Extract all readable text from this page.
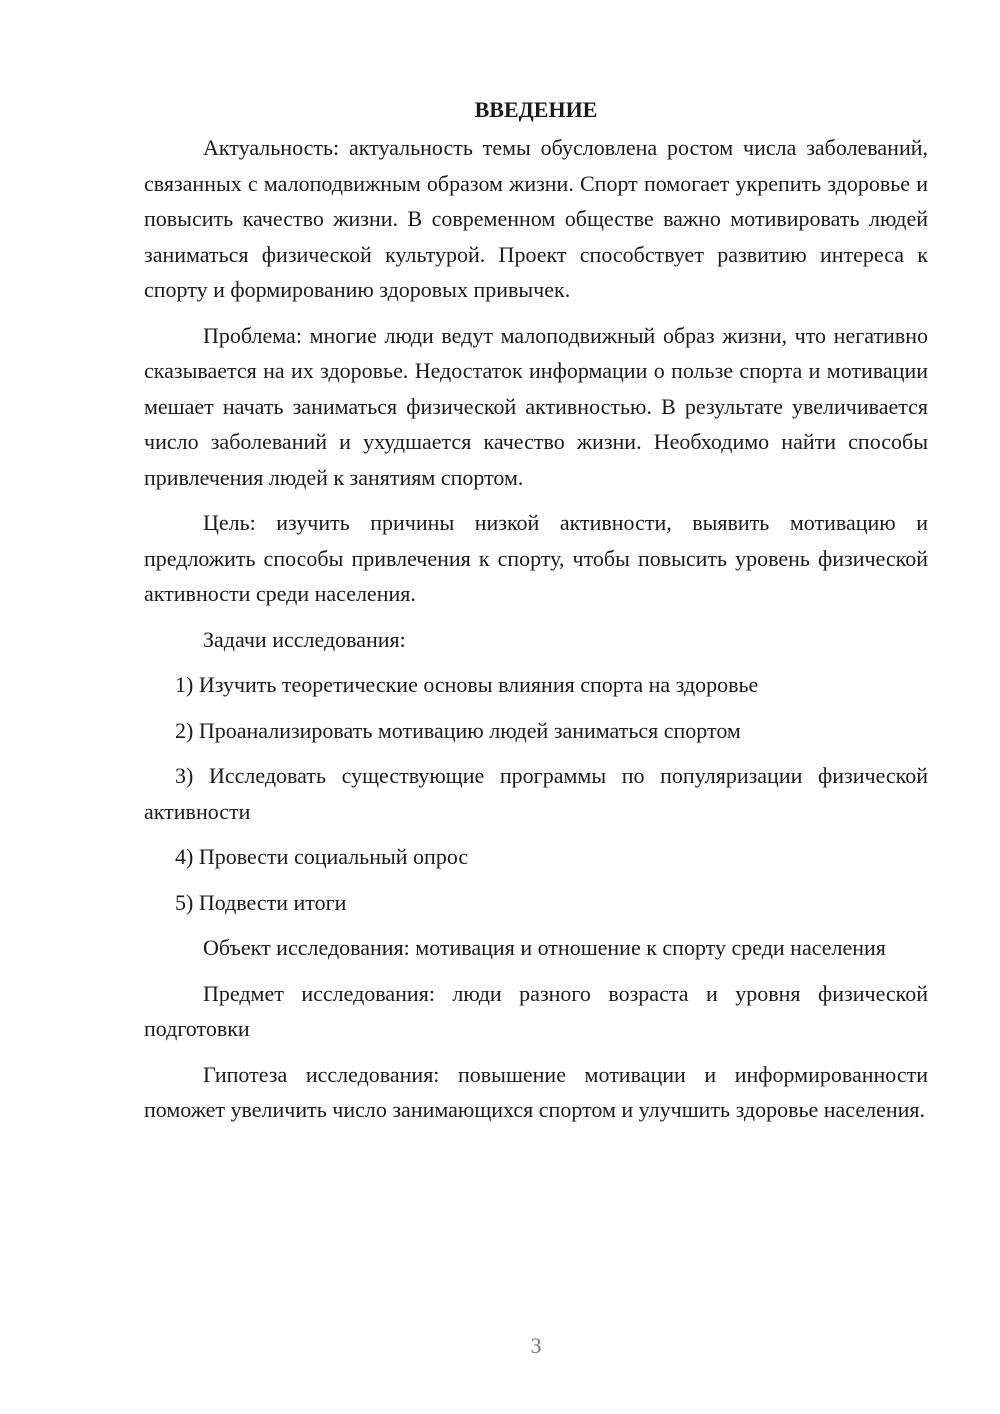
ВВЕДЕНИЕ

Актуальность: актуальность темы обусловлена ростом числа заболеваний, связанных с малоподвижным образом жизни. Спорт помогает укрепить здоровье и повысить качество жизни. В современном обществе важно мотивировать людей заниматься физической культурой. Проект способствует развитию интереса к спорту и формированию здоровых привычек.

Проблема: многие люди ведут малоподвижный образ жизни, что негативно сказывается на их здоровье. Недостаток информации о пользе спорта и мотивации мешает начать заниматься физической активностью. В результате увеличивается число заболеваний и ухудшается качество жизни. Необходимо найти способы привлечения людей к занятиям спортом.

Цель: изучить причины низкой активности, выявить мотивацию и предложить способы привлечения к спорту, чтобы повысить уровень физической активности среди населения.

Задачи исследования:

1) Изучить теоретические основы влияния спорта на здоровье

2) Проанализировать мотивацию людей заниматься спортом

3) Исследовать существующие программы по популяризации физической активности

4) Провести социальный опрос

5) Подвести итоги

Объект исследования: мотивация и отношение к спорту среди населения

Предмет исследования: люди разного возраста и уровня физической подготовки

Гипотеза исследования: повышение мотивации и информированности поможет увеличить число занимающихся спортом и улучшить здоровье населения.

3
